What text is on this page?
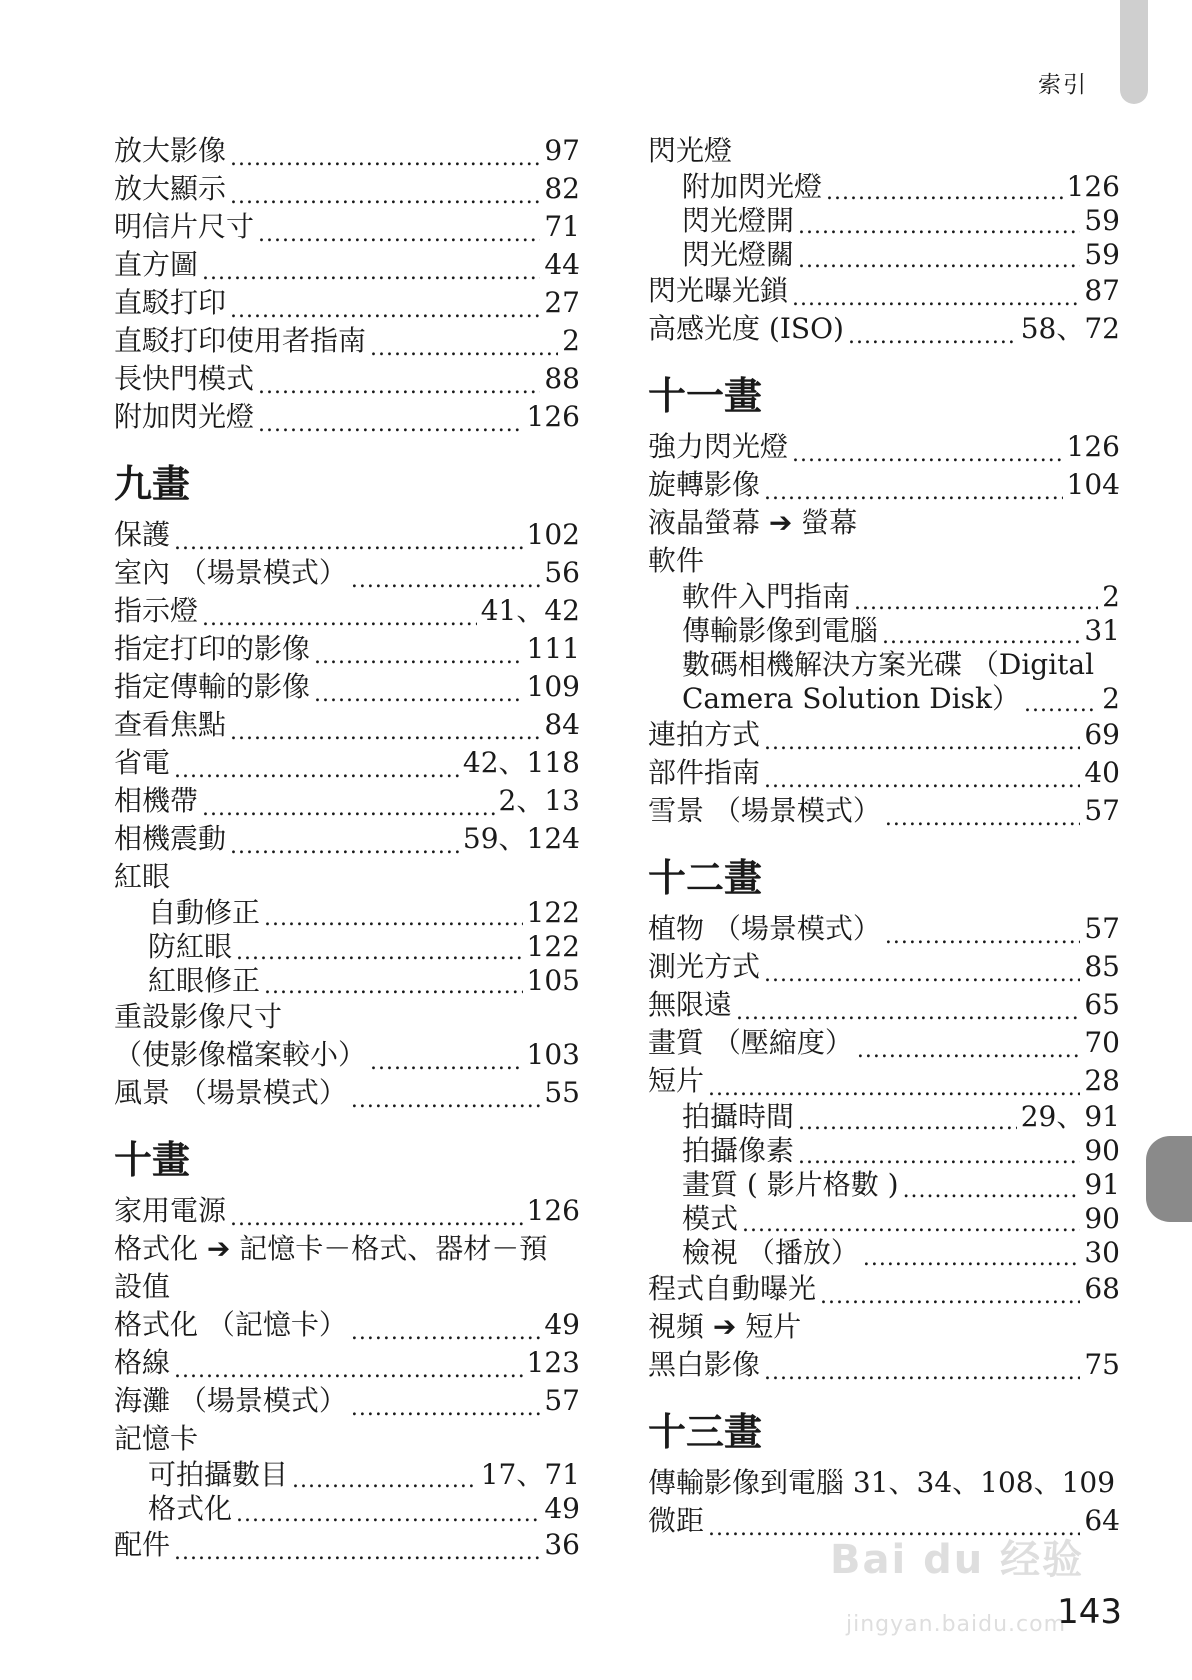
索引
放大影像 .....	97
放大顯示 .....	82
明信片尺寸 .....	71
直方圖 .....	44
直駁打印 .....	27
直駁打印使用者指南 .....	2
長快門模式 .....	88
附加閃光燈 .....	126
九畫
保護 .....	102
室內 （場景模式） .....	56
指示燈 .....	41、42
指定打印的影像 .....	111
指定傳輸的影像 .....	109
查看焦點 .....	84
省電 .....	42、118
相機帶 .....	2、13
相機震動 .....	59、124
紅眼
自動修正 .....	122
防紅眼 .....	122
紅眼修正 .....	105
重設影像尺寸
（使影像檔案較小） .....	103
風景 （場景模式） .....	55
十畫
家用電源 .....	126
格式化 ➔ 記憶卡－格式、器材－預
設值
格式化 （記憶卡） .....	49
格線 .....	123
海灘 （場景模式） .....	57
記憶卡
可拍攝數目 .....	17、71
格式化 .....	49
配件 .....	36
閃光燈
附加閃光燈 .....	126
閃光燈開 .....	59
閃光燈關 .....	59
閃光曝光鎖 .....	87
高感光度 (ISO) .....	58、72
十一畫
強力閃光燈 .....	126
旋轉影像 .....	104
液晶螢幕 ➔ 螢幕
軟件
軟件入門指南 .....	2
傳輸影像到電腦 .....	31
數碼相機解決方案光碟 （Digital
Camera Solution Disk） .....	2
連拍方式 .....	69
部件指南 .....	40
雪景 （場景模式） .....	57
十二畫
植物 （場景模式） .....	57
測光方式 .....	85
無限遠 .....	65
畫質 （壓縮度） .....	70
短片 .....	28
拍攝時間 .....	29、91
拍攝像素 .....	90
畫質 ( 影片格數 ) .....	91
模式 .....	90
檢視 （播放） .....	30
程式自動曝光 .....	68
視頻 ➔ 短片
黑白影像 .....	75
十三畫
傳輸影像到電腦 31、34、108、109
微距 .....	64
Bai du 经验
jingyan.baidu.com
143
